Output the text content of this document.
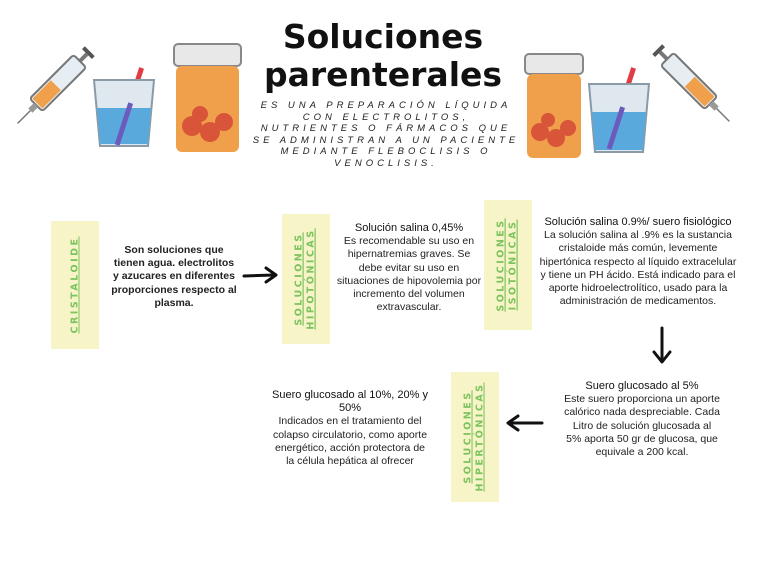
Soluciones
parenterales
ES UNA PREPARACIÓN LÍQUIDA CON ELECTROLITOS, NUTRIENTES O FÁRMACOS QUE SE ADMINISTRAN A UN PACIENTE MEDIANTE FLEBOCLISIS O VENOCLISIS.
CRISTALOIDE	Son soluciones que tienen agua. electrolitos y azucares en diferentes proporciones respecto al plasma.	SOLUCIONES
HIPOTÓNICAS
Solución salina 0,45%
Es recomendable su uso en hipernatremias graves. Se debe evitar su uso en situaciones de hipovolemia por incremento del volumen extravascular.	SOLUCIONES
ISOTÓNICAS	Solución salina 0.9%/ suero fisiológico
La solución salina al .9% es la sustancia cristaloide más común, levemente hipertónica respecto al líquido extracelular y tiene un PH ácido. Está indicado para el aporte hidroelectrolítico, usado para la administración de medicamentos.
Suero glucosado al 5%
Este suero proporciona un aporte calórico nada despreciable. Cada Litro de solución glucosada al 5% aporta 50 gr de glucosa, que equivale a 200 kcal.
SOLUCIONES
HIPERTÓNICAS
Suero glucosado al 10%, 20% y 50%
Indicados en el tratamiento del colapso circulatorio, como aporte energético, acción protectora de la célula hepática al ofrecer
